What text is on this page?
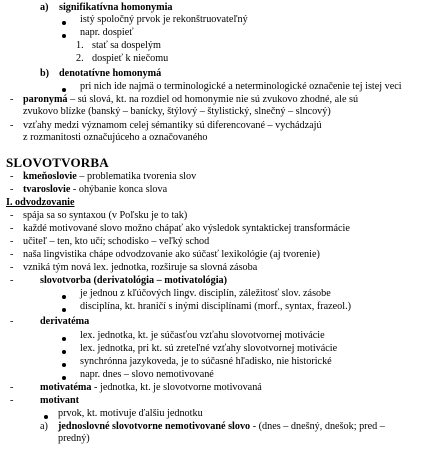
a) signifikatívna homonymia
istý spoločný prvok je rekonštruovateľný
napr. dospieť
1. stať sa dospelým
2. dospieť k niečomu
b) denotatívne homonymá
pri nich ide najmä o terminologické a neterminologické označenie tej istej veci
- paronymá – sú slová, kt. na rozdiel od homonymie nie sú zvukovo zhodné, ale sú
zvukovo blízke (banský – banícky, štýlový – štylistický, slnečný – slncový)
- vzťahy medzi významom celej sémantiky sú diferencované – vychádzajú
z rozmanitosti označujúceho a označovaného
SLOVOTVORBA
- kmeňoslovie – problematika tvorenia slov
- tvaroslovie - ohýbanie konca slova
I. odvodzovanie
- spája sa so syntaxou (v Poľsku je to tak)
- každé motivované slovo možno chápať ako výsledok syntaktickej transformácie
- učiteľ – ten, kto učí; schodisko – veľký schod
- naša lingvistika chápe odvodzovanie ako súčasť lexikológie (aj tvorenie)
- vzniká tým nová lex. jednotka, rozširuje sa slovná zásoba
-	slovotvorba (derivatológia – motivatológia)
je jednou z kľúčových lingv. disciplín, záležitosť slov. zásobe
disciplína, kt. hraničí s inými disciplínami (morf., syntax, frazeol.)
-	derivatéma
lex. jednotka, kt. je súčasťou vzťahu slovotvornej motivácie
lex. jednotka, pri kt. sú zreteľné vzťahy slovotvornej motivácie
synchrónna jazykoveda, je to súčasné hľadisko, nie historické
napr. dnes – slovo nemotivované
-	motivatéma - jednotka, kt. je slovotvorne motivovaná
-	motivant
prvok, kt. motivuje ďalšiu jednotku
a) jednoslovné slovotvorne nemotivované slovo - (dnes – dnešný, dnešok; pred –
predný)
